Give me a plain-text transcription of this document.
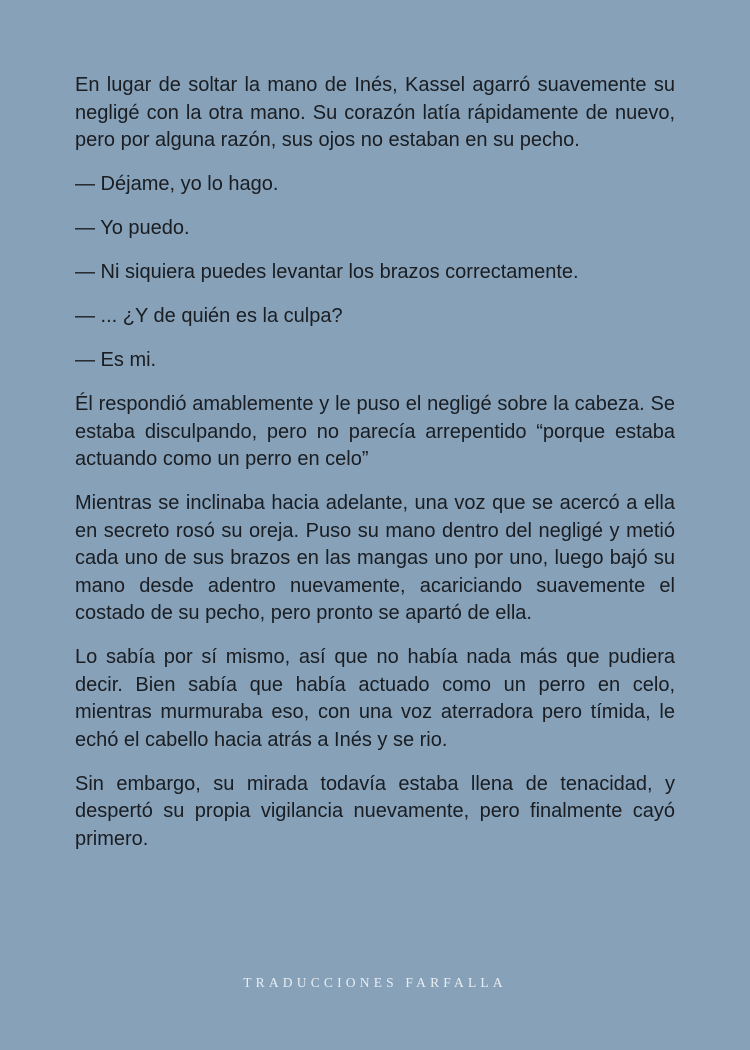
En lugar de soltar la mano de Inés, Kassel agarró suavemente su negligé con la otra mano. Su corazón latía rápidamente de nuevo, pero por alguna razón, sus ojos no estaban en su pecho.

— Déjame, yo lo hago.

— Yo puedo.

— Ni siquiera puedes levantar los brazos correctamente.

— ... ¿Y de quién es la culpa?

— Es mi.

Él respondió amablemente y le puso el negligé sobre la cabeza. Se estaba disculpando, pero no parecía arrepentido “porque estaba actuando como un perro en celo”

Mientras se inclinaba hacia adelante, una voz que se acercó a ella en secreto rosó su oreja. Puso su mano dentro del negligé y metió cada uno de sus brazos en las mangas uno por uno, luego bajó su mano desde adentro nuevamente, acariciando suavemente el costado de su pecho, pero pronto se apartó de ella.

Lo sabía por sí mismo, así que no había nada más que pudiera decir. Bien sabía que había actuado como un perro en celo, mientras murmuraba eso, con una voz aterradora pero tímida, le echó el cabello hacia atrás a Inés y se rio.

Sin embargo, su mirada todavía estaba llena de tenacidad, y despertó su propia vigilancia nuevamente, pero finalmente cayó primero.

TRADUCCIONES FARFALLA
